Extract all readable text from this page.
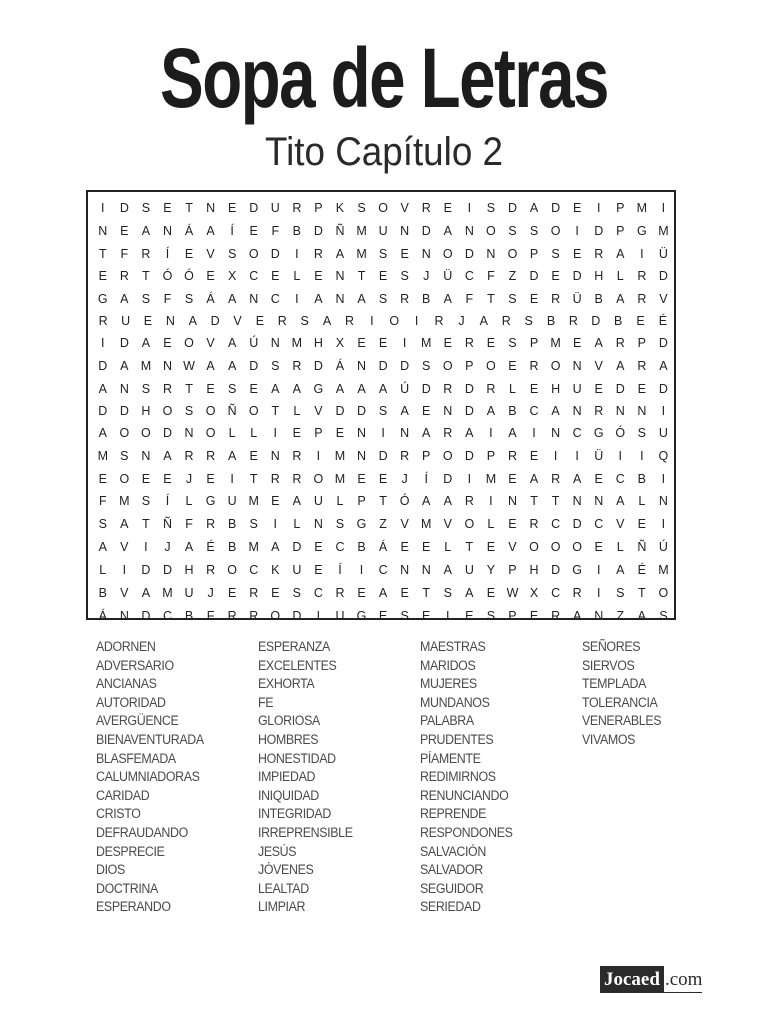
Sopa de Letras
Tito Capítulo 2
I	D	S	E	T	N	E	D	U	R	P	K	S	O	V	R	E	I	S	D	A	D	E	I	P M	I
N	E	A	N	Á	A	Í	E	F	B	D	Ñ M U	N	D	A	N O	S	S	O	I	D	P	G M
T	F	R	Í	E	V	S	O D	I	R	A M S	E	N O D	N O	P	S	E	R	A	I	Ü
E	R	T	Ó Ó	E	X	C	E	L	E	N	T	E	S	J	Ü	C	F	Z	D	E	D	H	L	R	D
G	A	S	F	S	Á	A	N	C	I	A	N	A	S	R	B	A	F	T	S	E	R	Ü	B	A	R	V
R	U	E	N	A	D	V	E	R	S	A	R	I	O	I	R	J	A	R	S	B	R	D	B	E	É
I	D	A	E	O	V	A	Ú	N M H	X	E	E	I	M E	R	E	S	P M E	A	R	P	D
D	A M N W A	A	D	S	R	D	Á	N	D	D	S	O	P	O	E	R O N	V	A	R	A
A	N	S	R	T	E	S	E	A	A	G	A	A	A	Ú	D	R	D	R	L	E	H	U	E	D	E	D
D	D	H O	S	O Ñ O	T	L	V	D	D	S	A	E	N	D	A	B	C	A	N	R	N	N	I
A	O O D	N O	L	L	I	E	P	E	N	I	N	A	R	A	I	A	I	N	C G Ó	S	U
M S	N	A	R	R	A	E	N	R	I	M N	D	R	P	O D	P	R	E	I	I	Ü	I	I	Q
E	O	E	E	J	E	I	T	R	R O M E	E	J	Í	D	I	M E	A	R	A	E	C	B	I
F	M S	Í	L	G U M E	A	U	L	P	T	Ó	A	A	R	I	N	T	T	N	N	A	L	N
S	A	T	Ñ	F	R	B	S	I	L	N	S	G	Z	V M V	O	L	E	R	C	D	C	V	E	I
A	V	I	J	A	É	B M A	D	E	C	B	Á	E	E	L	T	E	V	O O O	E	L	Ñ	Ú
L	I	D	D	H	R O C	K	U	E	Í	I	C	N	N	A	U	Y	P	H	D G	I	A	É M
B	V	A M U	J	E	R	E	S	C	R	E	A	E	T	S	A	E W X	C	R	I	S	T	O
Á	N	D	C	B	F	R	R O D	I	U G	E	S	E	I	E	S	P	E	R	A	N	Z	A	S
ADORNEN
ADVERSARIO
ANCIANAS
AUTORIDAD
AVERGÜENCE
BIENAVENTURADA
BLASFEMADA
CALUMNIADORAS
CARIDAD
CRISTO
DEFRAUDANDO
DESPRECIE
DIOS
DOCTRINA
ESPERANDO
ESPERANZA
EXCELENTES
EXHORTA
FE
GLORIOSA
HOMBRES
HONESTIDAD
IMPIEDAD
INIQUIDAD
INTEGRIDAD
IRREPRENSIBLE
JESÚS
JÓVENES
LEALTAD
LIMPIAR
MAESTRAS
MARIDOS
MUJERES
MUNDANOS
PALABRA
PRUDENTES
PÍAMENTE
REDIMIRNOS
RENUNCIANDO
REPRENDE
RESPONDONES
SALVACIÓN
SALVADOR
SEGUIDOR
SERIEDAD
SEÑORES
SIERVOS
TEMPLADA
TOLERANCIA
VENERABLES
VIVAMOS
Jocaed .com
